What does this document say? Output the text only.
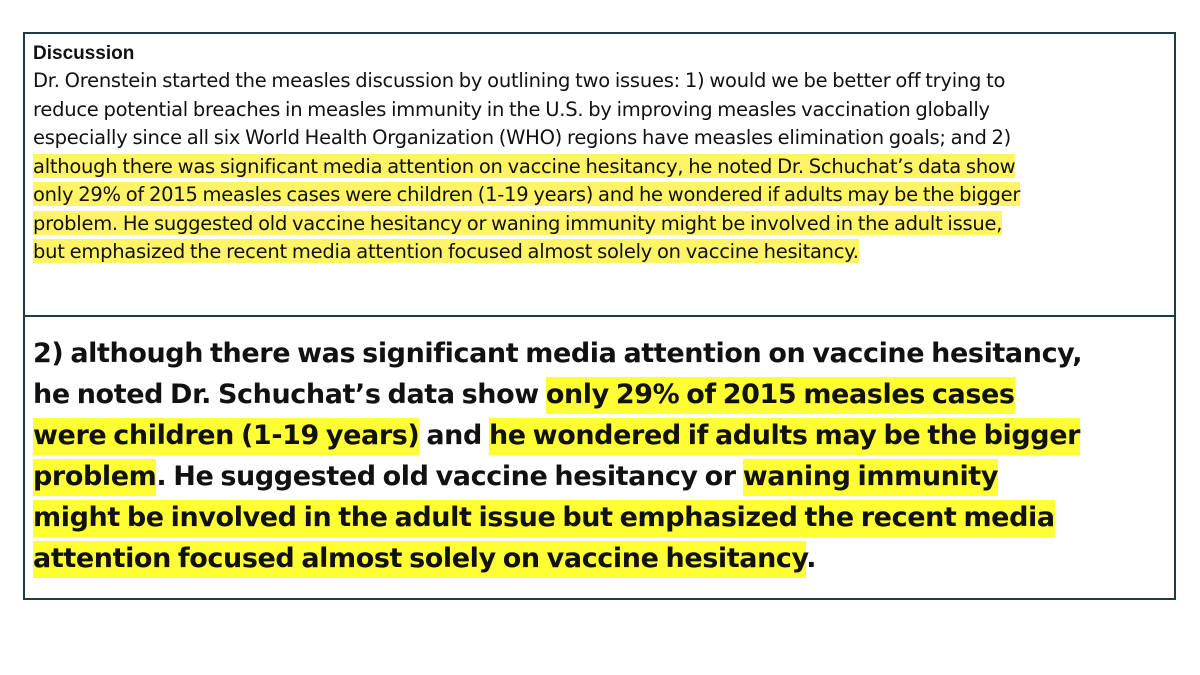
Discussion

Dr. Orenstein started the measles discussion by outlining two issues: 1) would we be better off trying to
reduce potential breaches in measles immunity in the U.S. by improving measles vaccination globally
especially since all six World Health Organization (WHO) regions have measles elimination goals; and 2)
although there was significant media attention on vaccine hesitancy, he noted Dr. Schuchat’s data show
only 29% of 2015 measles cases were children (1-19 years) and he wondered if adults may be the bigger
problem. He suggested old vaccine hesitancy or waning immunity might be involved in the adult issue,
but emphasized the recent media attention focused almost solely on vaccine hesitancy.

2) although there was significant media attention on vaccine hesitancy,
he noted Dr. Schuchat’s data show only 29% of 2015 measles cases
were children (1-19 years) and he wondered if adults may be the bigger
problem. He suggested old vaccine hesitancy or waning immunity
might be involved in the adult issue but emphasized the recent media
attention focused almost solely on vaccine hesitancy.
